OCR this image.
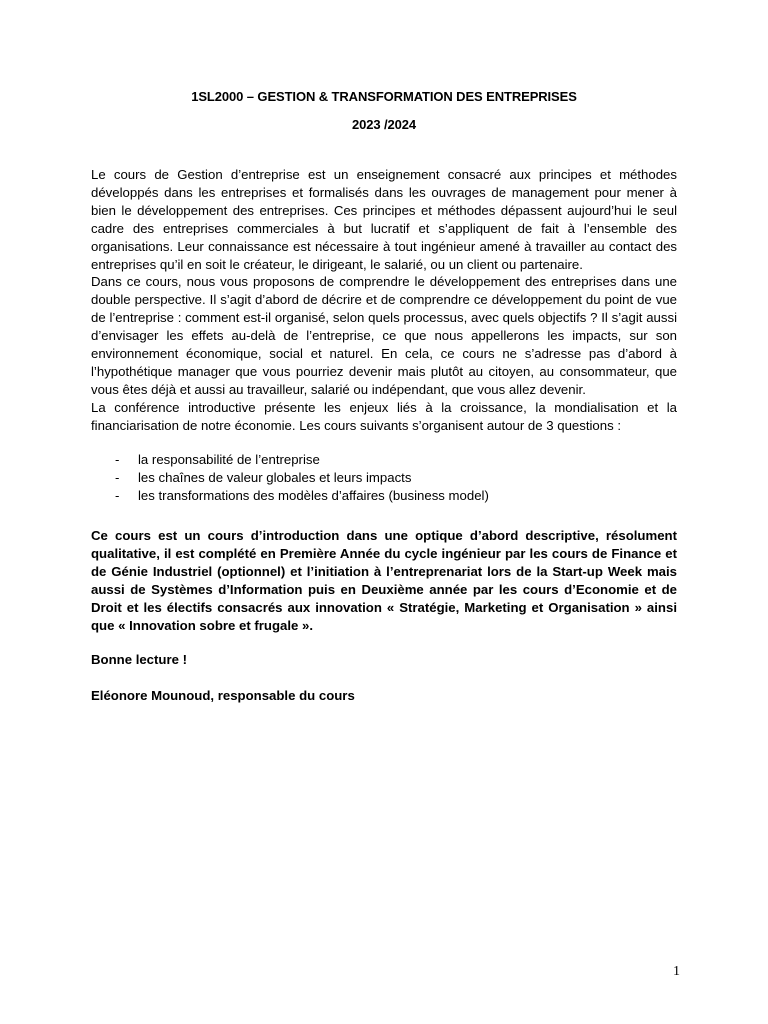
1SL2000 – GESTION & TRANSFORMATION DES ENTREPRISES
2023 /2024

Le cours de Gestion d’entreprise est un enseignement consacré aux principes et méthodes développés dans les entreprises et formalisés dans les ouvrages de management pour mener à bien le développement des entreprises. Ces principes et méthodes dépassent aujourd’hui le seul cadre des entreprises commerciales à but lucratif et s’appliquent de fait à l’ensemble des organisations. Leur connaissance est nécessaire à tout ingénieur amené à travailler au contact des entreprises qu’il en soit le créateur, le dirigeant, le salarié, ou un client ou partenaire.

Dans ce cours, nous vous proposons de comprendre le développement des entreprises dans une double perspective. Il s’agit d’abord de décrire et de comprendre ce développement du point de vue de l’entreprise : comment est-il organisé, selon quels processus, avec quels objectifs ? Il s’agit aussi d’envisager les effets au-delà de l’entreprise, ce que nous appellerons les impacts, sur son environnement économique, social et naturel. En cela, ce cours ne s’adresse pas d’abord à l’hypothétique manager que vous pourriez devenir mais plutôt au citoyen, au consommateur, que vous êtes déjà et aussi au travailleur, salarié ou indépendant, que vous allez devenir.

La conférence introductive présente les enjeux liés à la croissance, la mondialisation et la financiarisation de notre économie. Les cours suivants s’organisent autour de 3 questions :

- la responsabilité de l’entreprise
- les chaînes de valeur globales et leurs impacts
- les transformations des modèles d’affaires (business model)

Ce cours est un cours d’introduction dans une optique d’abord descriptive, résolument qualitative, il est complété en Première Année du cycle ingénieur par les cours de Finance et de Génie Industriel (optionnel) et l’initiation à l’entreprenariat lors de la Start-up Week mais aussi de Systèmes d’Information puis en Deuxième année par les cours d’Economie et de Droit et les électifs consacrés aux innovation « Stratégie, Marketing et Organisation » ainsi que « Innovation sobre et frugale ».

Bonne lecture !

Eléonore Mounoud, responsable du cours

1
